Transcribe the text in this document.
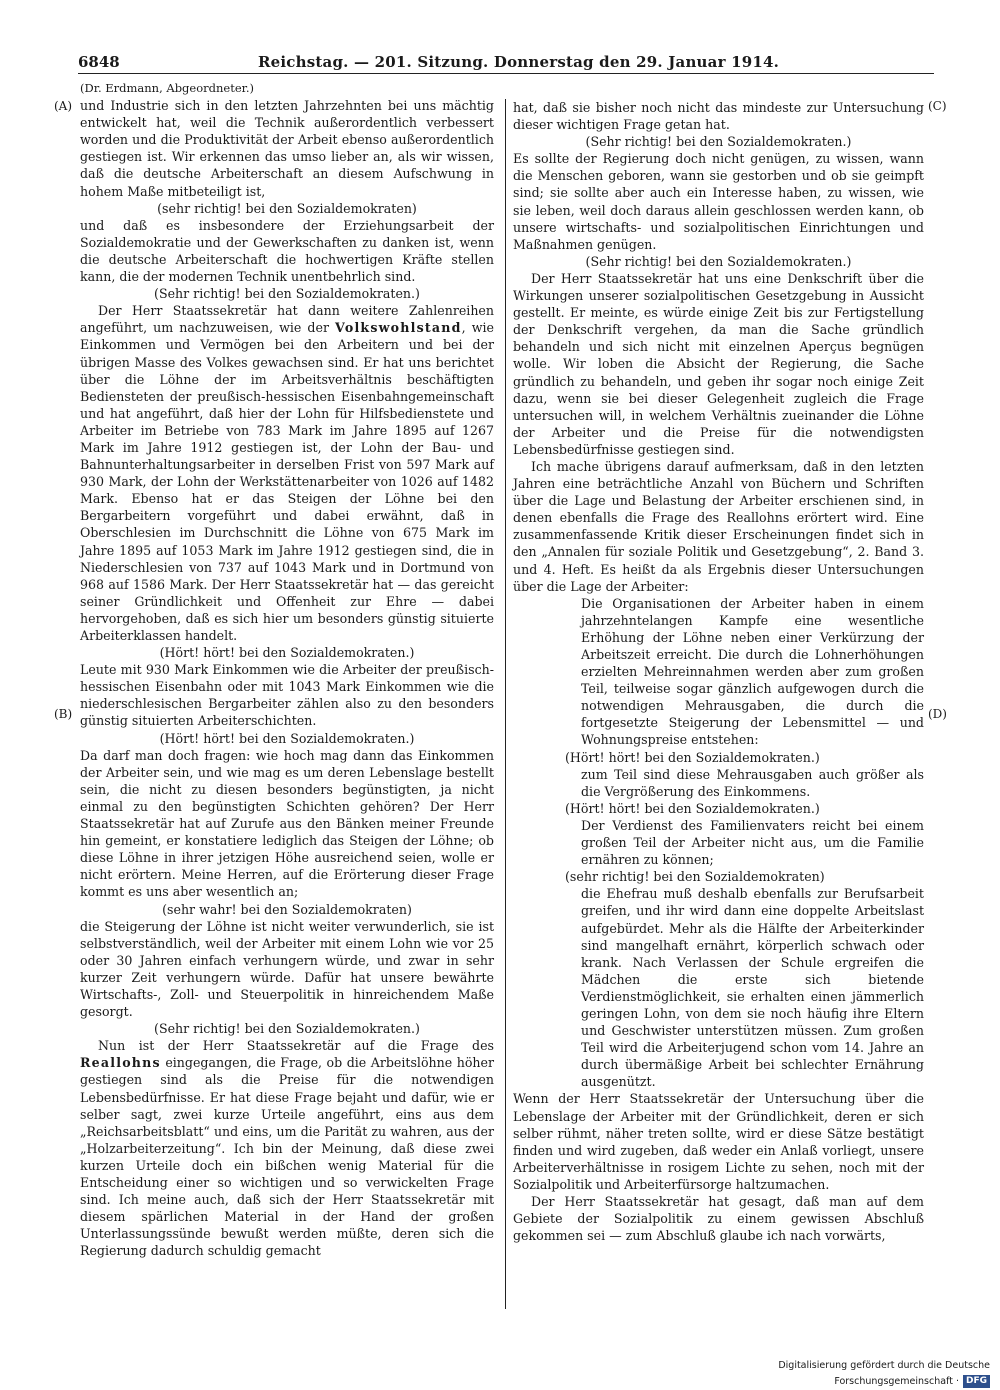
6848	Reichstag. — 201. Sitzung. Donnerstag den 29. Januar 1914.
(A)
(B)
(C)
(D)

(Dr. Erdmann, Abgeordneter.)

und Industrie sich in den letzten Jahrzehnten bei uns mächtig entwickelt hat, weil die Technik außerordentlich verbessert worden und die Produktivität der Arbeit ebenso außerordentlich gestiegen ist. Wir erkennen das umso lieber an, als wir wissen, daß die deutsche Arbeiterschaft an diesem Aufschwung in hohem Maße mitbeteiligt ist,

(sehr richtig! bei den Sozialdemokraten)

und daß es insbesondere der Erziehungsarbeit der Sozialdemokratie und der Gewerkschaften zu danken ist, wenn die deutsche Arbeiterschaft die hochwertigen Kräfte stellen kann, die der modernen Technik unentbehrlich sind.

(Sehr richtig! bei den Sozialdemokraten.)

Der Herr Staatssekretär hat dann weitere Zahlenreihen angeführt, um nachzuweisen, wie der Volkswohlstand, wie Einkommen und Vermögen bei den Arbeitern und bei der übrigen Masse des Volkes gewachsen sind. Er hat uns berichtet über die Löhne der im Arbeitsverhältnis beschäftigten Bediensteten der preußisch-hessischen Eisenbahngemeinschaft und hat angeführt, daß hier der Lohn für Hilfsbedienstete und Arbeiter im Betriebe von 783 Mark im Jahre 1895 auf 1267 Mark im Jahre 1912 gestiegen ist, der Lohn der Bau- und Bahnunterhaltungsarbeiter in derselben Frist von 597 Mark auf 930 Mark, der Lohn der Werkstättenarbeiter von 1026 auf 1482 Mark. Ebenso hat er das Steigen der Löhne bei den Bergarbeitern vorgeführt und dabei erwähnt, daß in Oberschlesien im Durchschnitt die Löhne von 675 Mark im Jahre 1895 auf 1053 Mark im Jahre 1912 gestiegen sind, die in Niederschlesien von 737 auf 1043 Mark und in Dortmund von 968 auf 1586 Mark. Der Herr Staatssekretär hat — das gereicht seiner Gründlichkeit und Offenheit zur Ehre — dabei hervorgehoben, daß es sich hier um besonders günstig situierte Arbeiterklassen handelt.

(Hört! hört! bei den Sozialdemokraten.)

Leute mit 930 Mark Einkommen wie die Arbeiter der preußisch-hessischen Eisenbahn oder mit 1043 Mark Einkommen wie die niederschlesischen Bergarbeiter zählen also zu den besonders günstig situierten Arbeiterschichten.

(Hört! hört! bei den Sozialdemokraten.)

Da darf man doch fragen: wie hoch mag dann das Einkommen der Arbeiter sein, und wie mag es um deren Lebenslage bestellt sein, die nicht zu diesen besonders begünstigten, ja nicht einmal zu den begünstigten Schichten gehören? Der Herr Staatssekretär hat auf Zurufe aus den Bänken meiner Freunde hin gemeint, er konstatiere lediglich das Steigen der Löhne; ob diese Löhne in ihrer jetzigen Höhe ausreichend seien, wolle er nicht erörtern. Meine Herren, auf die Erörterung dieser Frage kommt es uns aber wesentlich an;

(sehr wahr! bei den Sozialdemokraten)

die Steigerung der Löhne ist nicht weiter verwunderlich, sie ist selbstverständlich, weil der Arbeiter mit einem Lohn wie vor 25 oder 30 Jahren einfach verhungern würde, und zwar in sehr kurzer Zeit verhungern würde. Dafür hat unsere bewährte Wirtschafts-, Zoll- und Steuerpolitik in hinreichendem Maße gesorgt.

(Sehr richtig! bei den Sozialdemokraten.)

Nun ist der Herr Staatssekretär auf die Frage des Reallohns eingegangen, die Frage, ob die Arbeitslöhne höher gestiegen sind als die Preise für die notwendigen Lebensbedürfnisse. Er hat diese Frage bejaht und dafür, wie er selber sagt, zwei kurze Urteile angeführt, eins aus dem „Reichsarbeitsblatt“ und eins, um die Parität zu wahren, aus der „Holzarbeiterzeitung“. Ich bin der Meinung, daß diese zwei kurzen Urteile doch ein bißchen wenig Material für die Entscheidung einer so wichtigen und so verwickelten Frage sind. Ich meine auch, daß sich der Herr Staatssekretär mit diesem spärlichen Material in der Hand der großen Unterlassungssünde bewußt werden müßte, deren sich die Regierung dadurch schuldig gemacht

hat, daß sie bisher noch nicht das mindeste zur Untersuchung dieser wichtigen Frage getan hat.

(Sehr richtig! bei den Sozialdemokraten.)

Es sollte der Regierung doch nicht genügen, zu wissen, wann die Menschen geboren, wann sie gestorben und ob sie geimpft sind; sie sollte aber auch ein Interesse haben, zu wissen, wie sie leben, weil doch daraus allein geschlossen werden kann, ob unsere wirtschafts- und sozialpolitischen Einrichtungen und Maßnahmen genügen.

(Sehr richtig! bei den Sozialdemokraten.)

Der Herr Staatssekretär hat uns eine Denkschrift über die Wirkungen unserer sozialpolitischen Gesetzgebung in Aussicht gestellt. Er meinte, es würde einige Zeit bis zur Fertigstellung der Denkschrift vergehen, da man die Sache gründlich behandeln und sich nicht mit einzelnen Aperçus begnügen wolle. Wir loben die Absicht der Regierung, die Sache gründlich zu behandeln, und geben ihr sogar noch einige Zeit dazu, wenn sie bei dieser Gelegenheit zugleich die Frage untersuchen will, in welchem Verhältnis zueinander die Löhne der Arbeiter und die Preise für die notwendigsten Lebensbedürfnisse gestiegen sind.

Ich mache übrigens darauf aufmerksam, daß in den letzten Jahren eine beträchtliche Anzahl von Büchern und Schriften über die Lage und Belastung der Arbeiter erschienen sind, in denen ebenfalls die Frage des Reallohns erörtert wird. Eine zusammenfassende Kritik dieser Erscheinungen findet sich in den „Annalen für soziale Politik und Gesetzgebung“, 2. Band 3. und 4. Heft. Es heißt da als Ergebnis dieser Untersuchungen über die Lage der Arbeiter:

Die Organisationen der Arbeiter haben in einem jahrzehntelangen Kampfe eine wesentliche Erhöhung der Löhne neben einer Verkürzung der Arbeitszeit erreicht. Die durch die Lohnerhöhungen erzielten Mehreinnahmen werden aber zum großen Teil, teilweise sogar gänzlich aufgewogen durch die notwendigen Mehrausgaben, die durch die fortgesetzte Steigerung der Lebensmittel — und Wohnungspreise entstehen:

(Hört! hört! bei den Sozialdemokraten.)

zum Teil sind diese Mehrausgaben auch größer als die Vergrößerung des Einkommens.

(Hört! hört! bei den Sozialdemokraten.)

Der Verdienst des Familienvaters reicht bei einem großen Teil der Arbeiter nicht aus, um die Familie ernähren zu können;

(sehr richtig! bei den Sozialdemokraten)

die Ehefrau muß deshalb ebenfalls zur Berufsarbeit greifen, und ihr wird dann eine doppelte Arbeitslast aufgebürdet. Mehr als die Hälfte der Arbeiterkinder sind mangelhaft ernährt, körperlich schwach oder krank. Nach Verlassen der Schule ergreifen die Mädchen die erste sich bietende Verdienstmöglichkeit, sie erhalten einen jämmerlich geringen Lohn, von dem sie noch häufig ihre Eltern und Geschwister unterstützen müssen. Zum großen Teil wird die Arbeiterjugend schon vom 14. Jahre an durch übermäßige Arbeit bei schlechter Ernährung ausgenützt.

Wenn der Herr Staatssekretär der Untersuchung über die Lebenslage der Arbeiter mit der Gründlichkeit, deren er sich selber rühmt, näher treten sollte, wird er diese Sätze bestätigt finden und wird zugeben, daß weder ein Anlaß vorliegt, unsere Arbeiterverhältnisse in rosigem Lichte zu sehen, noch mit der Sozialpolitik und Arbeiterfürsorge haltzumachen.

Der Herr Staatssekretär hat gesagt, daß man auf dem Gebiete der Sozialpolitik zu einem gewissen Abschluß gekommen sei — zum Abschluß glaube ich nach vorwärts,

Digitalisierung gefördert durch die Deutsche Forschungsgemeinschaft · DFG
